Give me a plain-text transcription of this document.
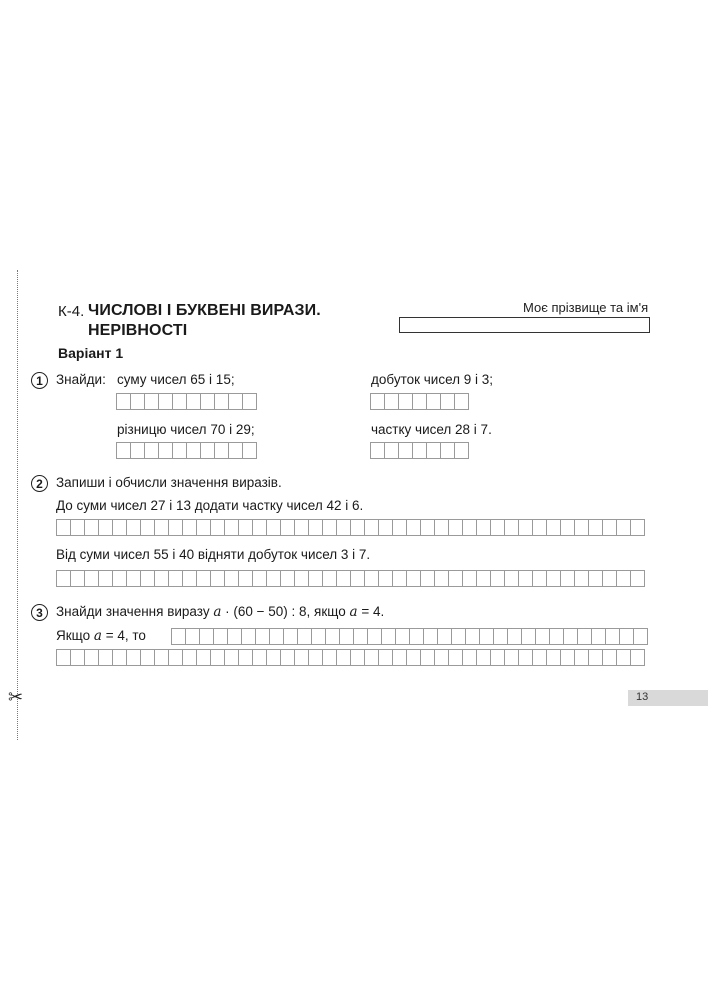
✂
К-4. ЧИСЛОВІ І БУКВЕНІ ВИРАЗИ.
НЕРІВНОСТІ
Моє прізвище та ім'я
Варіант 1
1 Знайди: суму чисел 65 і 15;	добуток чисел 9 і 3;
різницю чисел 70 і 29;	частку чисел 28 і 7.
2 Запиши і обчисли значення виразів.
До суми чисел 27 і 13 додати частку чисел 42 і 6.
Від суми чисел 55 і 40 відняти добуток чисел 3 і 7.
3 Знайди значення виразу a · (60 − 50) : 8, якщо a = 4.
Якщо a = 4, то
13
